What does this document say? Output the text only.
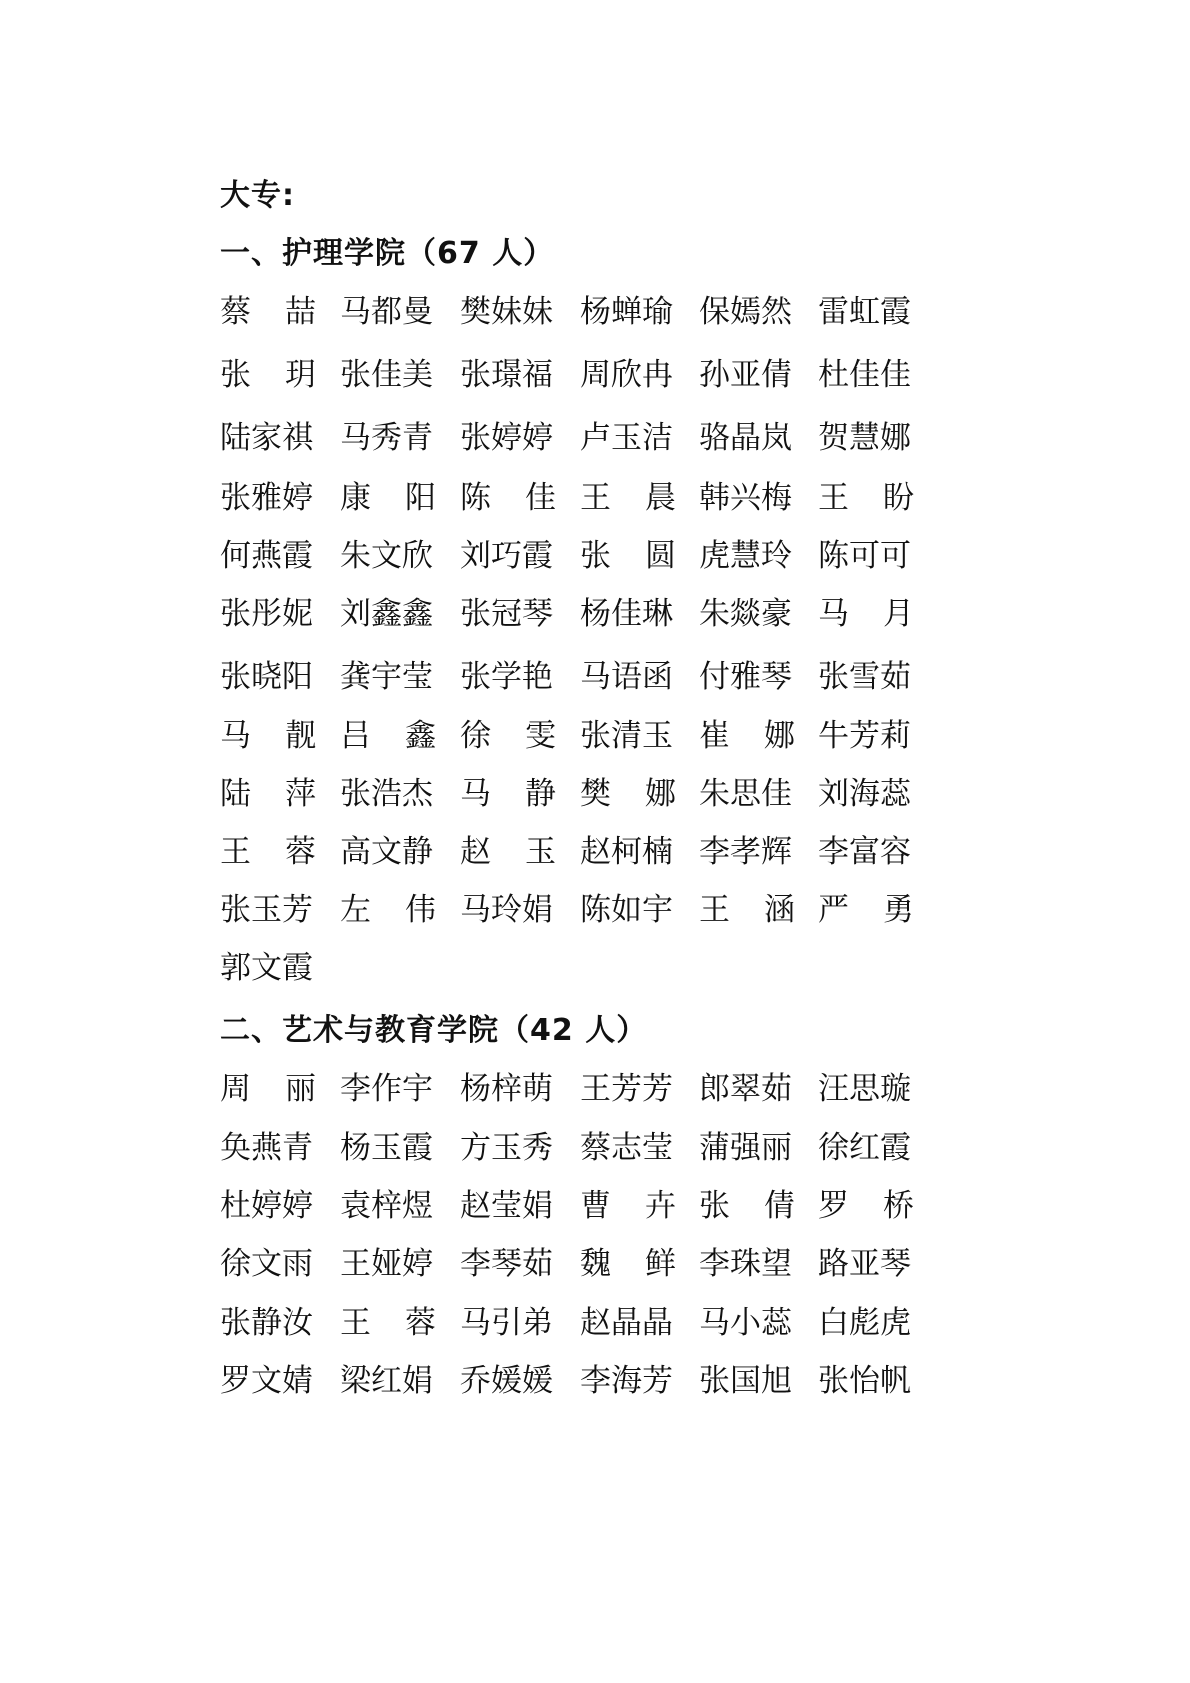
大专:
一、护理学院（67 人）
蔡 喆 马都曼 樊妹妹 杨蝉瑜 保嫣然 雷虹霞
张 玥 张佳美 张璟福 周欣冉 孙亚倩 杜佳佳
陆家祺 马秀青 张婷婷 卢玉洁 骆晶岚 贺慧娜
张雅婷 康 阳 陈 佳 王 晨 韩兴梅 王 盼
何燕霞 朱文欣 刘巧霞 张 圆 虎慧玲 陈可可
张彤妮 刘鑫鑫 张冠琴 杨佳琳 朱燚豪 马 月
张晓阳 龚宇莹 张学艳 马语函 付雅琴 张雪茹
马 靓 吕 鑫 徐 雯 张清玉 崔 娜 牛芳莉
陆 萍 张浩杰 马 静 樊 娜 朱思佳 刘海蕊
王 蓉 高文静 赵 玉 赵柯楠 李孝辉 李富容
张玉芳 左 伟 马玲娟 陈如宇 王 涵 严 勇
郭文霞
二、艺术与教育学院（42 人）
周 丽 李作宇 杨梓萌 王芳芳 郎翠茹 汪思璇
奂燕青 杨玉霞 方玉秀 蔡志莹 蒲强丽 徐红霞
杜婷婷 袁梓煜 赵莹娟 曹 卉 张 倩 罗 桥
徐文雨 王娅婷 李琴茹 魏 鲜 李珠望 路亚琴
张静汝 王 蓉 马引弟 赵晶晶 马小蕊 白彪虎
罗文婧 梁红娟 乔媛媛 李海芳 张国旭 张怡帆
